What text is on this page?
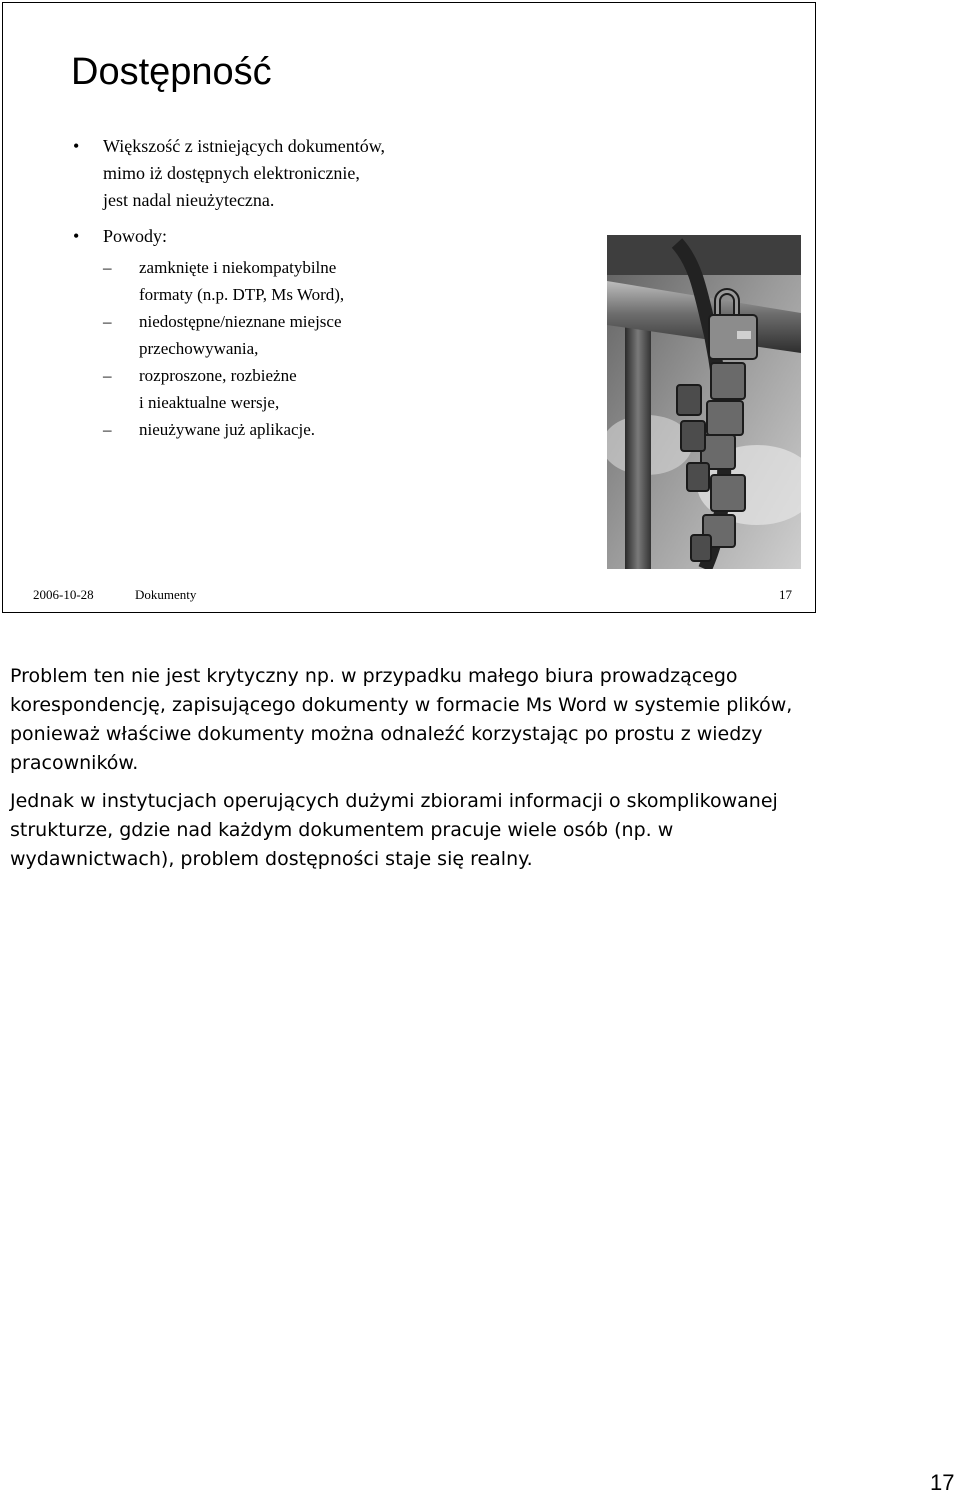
Dostępność
• Większość z istniejących dokumentów,
mimo iż dostępnych elektronicznie,
jest nadal nieużyteczna.
• Powody:
– zamknięte i niekompatybilne
formaty (n.p. DTP, Ms Word),
– niedostępne/nieznane miejsce
przechowywania,
– rozproszone, rozbieżne
i nieaktualne wersje,
– nieużywane już aplikacje.
2006-10-28	Dokumenty	17

Problem ten nie jest krytyczny np. w przypadku małego biura prowadzącego korespondencję, zapisującego dokumenty w formacie Ms Word w systemie plików, ponieważ właściwe dokumenty można odnaleźć korzystając po prostu z wiedzy pracowników.

Jednak w instytucjach operujących dużymi zbiorami informacji o skomplikowanej strukturze, gdzie nad każdym dokumentem pracuje wiele osób (np. w wydawnictwach), problem dostępności staje się realny.

17
